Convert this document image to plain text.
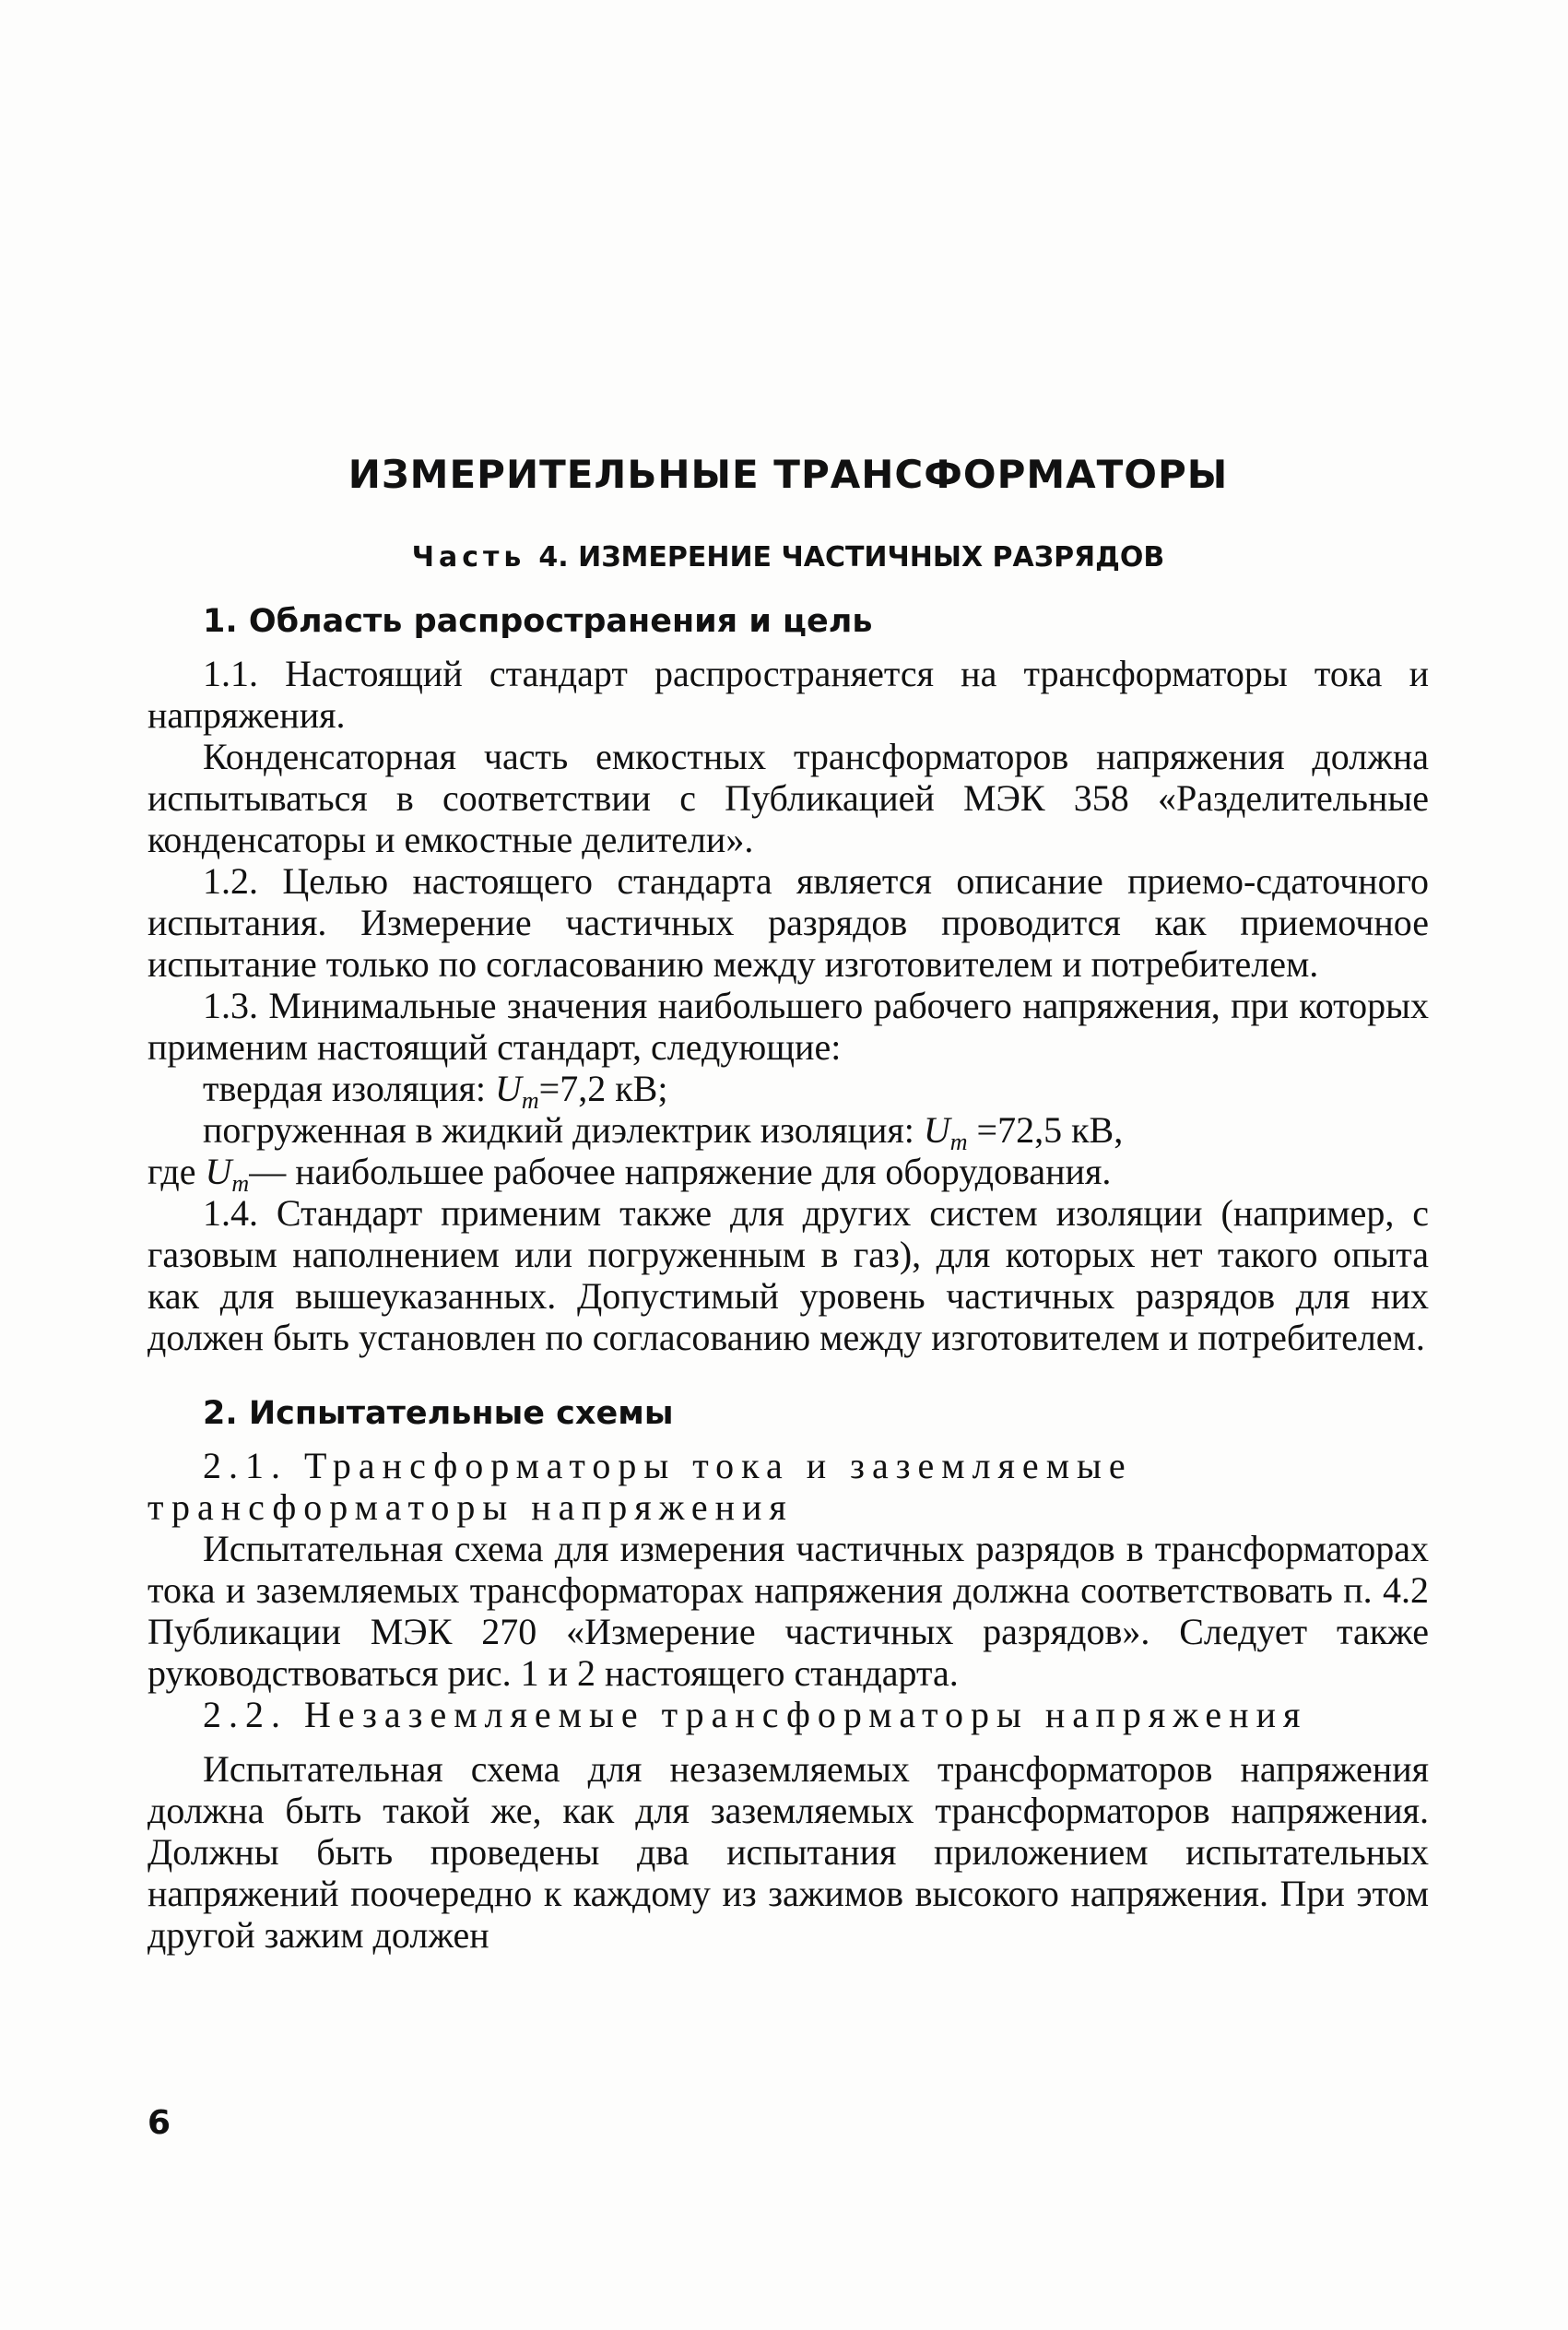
ИЗМЕРИТЕЛЬНЫЕ ТРАНСФОРМАТОРЫ
Часть 4. ИЗМЕРЕНИЕ ЧАСТИЧНЫХ РАЗРЯДОВ
1. Область распространения и цель

1.1. Настоящий стандарт распространяется на трансформаторы тока и напряжения.

Конденсаторная часть емкостных трансформаторов напряжения должна испытываться в соответствии с Публикацией МЭК 358 «Разделительные конденсаторы и емкостные делители».

1.2. Целью настоящего стандарта является описание приемо-сдаточного испытания. Измерение частичных разрядов проводится как приемочное испытание только по согласованию между изготовителем и потребителем.

1.3. Минимальные значения наибольшего рабочего напряжения, при которых применим настоящий стандарт, следующие:

твердая изоляция: $U_m=7,2$ кВ;

погруженная в жидкий диэлектрик изоляция: $U_m =72,5$ кВ,

где $U_m—$ наибольшее рабочее напряжение для оборудования.

1.4. Стандарт применим также для других систем изоляции (например, с газовым наполнением или погруженным в газ), для которых нет такого опыта как для вышеуказанных. Допустимый уровень частичных разрядов для них должен быть установлен по согласованию между изготовителем и потребителем.

2. Испытательные схемы

2.1. Трансформаторы тока и заземляемые трансформаторы напряжения

Испытательная схема для измерения частичных разрядов в трансформаторах тока и заземляемых трансформаторах напряжения должна соответствовать п. 4.2 Публикации МЭК 270 «Измерение частичных разрядов». Следует также руководствоваться рис. 1 и 2 настоящего стандарта.

2.2. Незаземляемые трансформаторы напряжения

Испытательная схема для незаземляемых трансформаторов напряжения должна быть такой же, как для заземляемых трансформаторов напряжения. Должны быть проведены два испытания приложением испытательных напряжений поочередно к каждому из зажимов высокого напряжения. При этом другой зажим должен

6
